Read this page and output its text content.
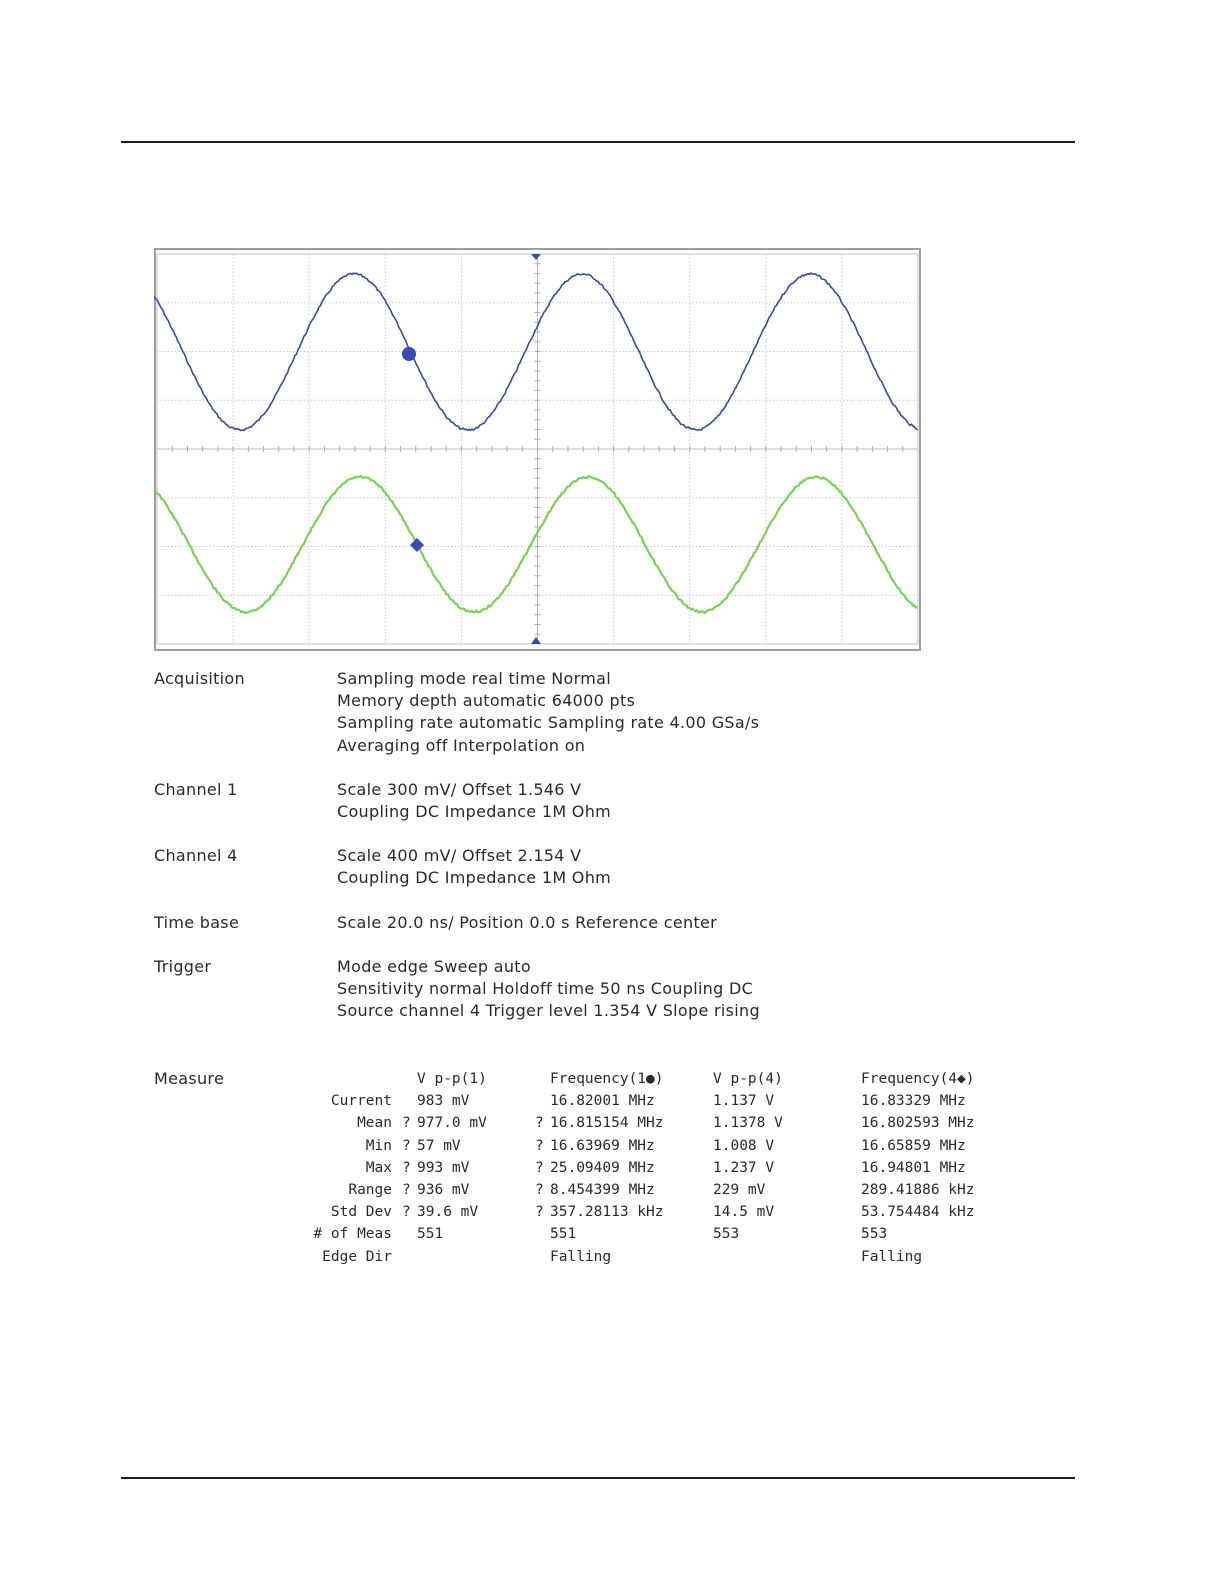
Acquisition	Sampling mode real time Normal
Memory depth automatic 64000 pts
Sampling rate automatic Sampling rate 4.00 GSa/s
Averaging off Interpolation on
Channel 1	Scale 300 mV/ Offset 1.546 V
Coupling DC Impedance 1M Ohm
Channel 4	Scale 400 mV/ Offset 2.154 V
Coupling DC Impedance 1M Ohm
Time base	Scale 20.0 ns/ Position 0.0 s Reference center
Trigger	Mode edge Sweep auto
Sensitivity normal Holdoff time 50 ns Coupling DC
Source channel 4 Trigger level 1.354 V Slope rising
Measure
			V p-p(1)		Frequency(1●)		V p-p(4)		Frequency(4◆)
Current		983 mV		16.82001 MHz		1.137 V		16.83329 MHz
Mean	?	977.0 mV	?	16.815154 MHz		1.1378 V		16.802593 MHz
Min	?	57 mV	?	16.63969 MHz		1.008 V		16.65859 MHz
Max	?	993 mV	?	25.09409 MHz		1.237 V		16.94801 MHz
Range	?	936 mV	?	8.454399 MHz		229 mV		289.41886 kHz
Std Dev	?	39.6 mV	?	357.28113 kHz		14.5 mV		53.754484 kHz
# of Meas		551		551		553		553
Edge Dir				Falling				Falling
